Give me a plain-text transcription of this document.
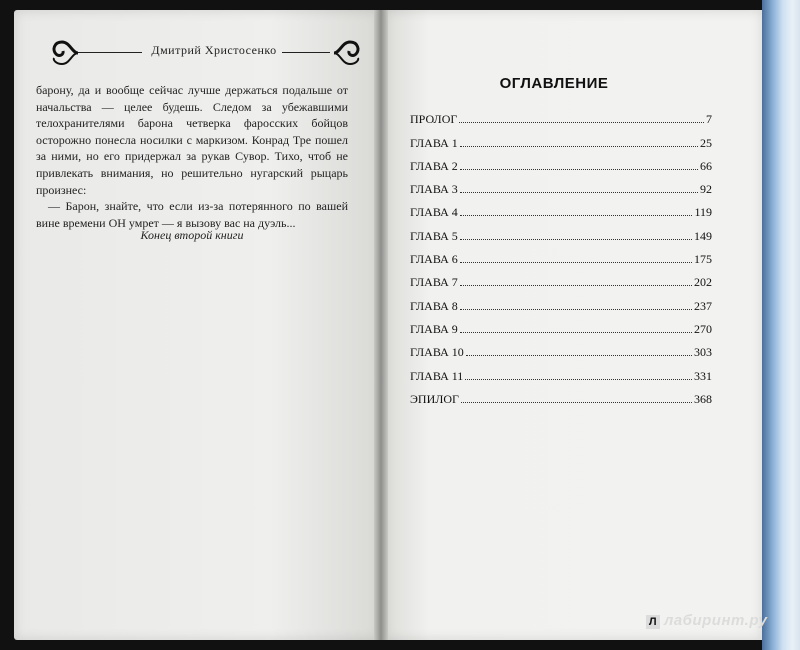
Дмитрий Христосенко

барону, да и вообще сейчас лучше держаться подальше от начальства — целее будешь. Следом за убежавшими телохранителями барона четверка фаросских бойцов осторожно понесла носилки с маркизом. Конрад Тре пошел за ними, но его придержал за рукав Сувор. Тихо, чтоб не привлекать внимания, но решительно нугарский рыцарь произнес:

— Барон, знайте, что если из-за потерянного по вашей вине времени ОН умрет — я вызову вас на дуэль...

Конец второй книги
ОГЛАВЛЕНИЕ
ПРОЛОГ	7
ГЛАВА 1	25
ГЛАВА 2	66
ГЛАВА 3	92
ГЛАВА 4	119
ГЛАВА 5	149
ГЛАВА 6	175
ГЛАВА 7	202
ГЛАВА 8	237
ГЛАВА 9	270
ГЛАВА 10	303
ГЛАВА 11	331
ЭПИЛОГ	368
Л лабиринт.ру
